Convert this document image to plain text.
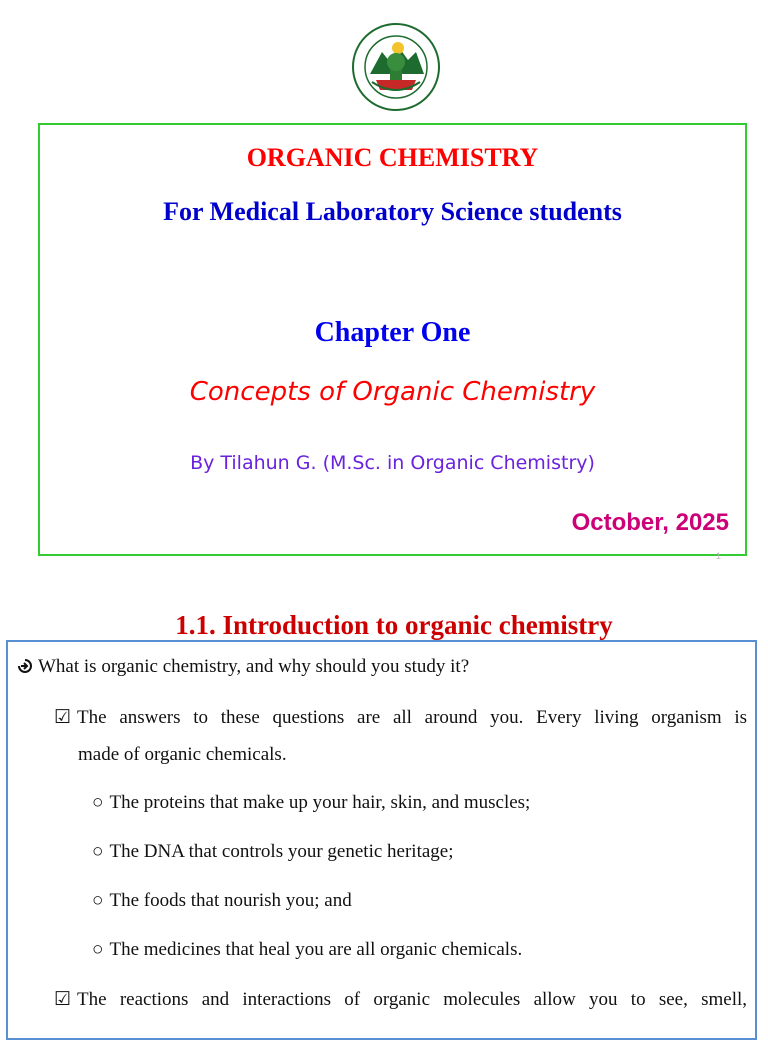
ORGANIC CHEMISTRY
For Medical Laboratory Science students
Chapter One
Concepts of Organic Chemistry
By Tilahun G. (M.Sc. in Organic Chemistry)
October, 2025
1
1.1. Introduction to organic chemistry
What is organic chemistry, and why should you study it?
☑ The answers to these questions are all around you. Every living organism is
made of organic chemicals.
○ The proteins that make up your hair, skin, and muscles;
○ The DNA that controls your genetic heritage;
○ The foods that nourish you; and
○ The medicines that heal you are all organic chemicals.
☑ The reactions and interactions of organic molecules allow you to see, smell,
